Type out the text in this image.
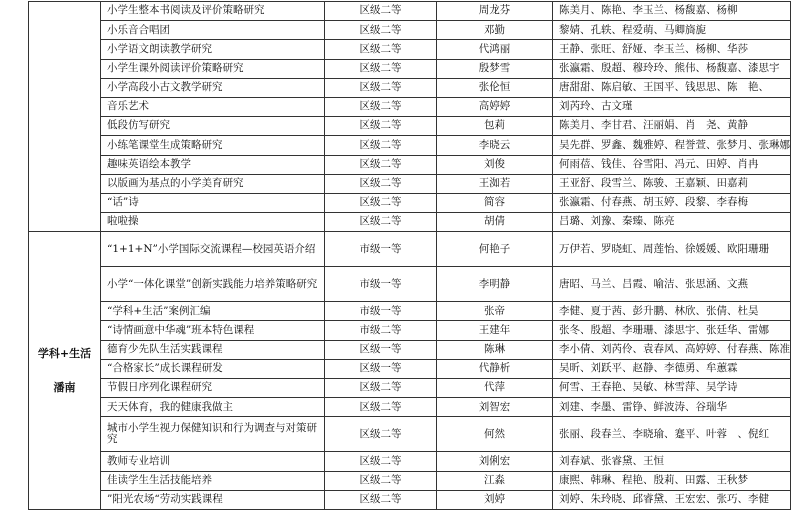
	小学生整本书阅读及评价策略研究	区级二等	周龙芬	陈美月、陈艳、李玉兰、杨馥嘉、杨柳
	小乐音合唱团	区级二等	邓勤	黎婧、孔轶、程爱萌、马卿旖旎
	小学语文朗读教学研究	区级二等	代鸿丽	王静、张旺、舒娅、李玉兰、杨柳、华莎
	小学生课外阅读评价策略研究	区级二等	殷梦雪	张瀛霜、殷超、穆玲玲、熊伟、杨馥嘉、漆思宇
	小学高段小古文教学研究	区级二等	张伦恒	唐甜甜、陈启敏、王国平、钱思思、陈　艳、
	音乐艺术	区级二等	高婷婷	刘芮玲、古文瑾
	低段仿写研究	区级二等	包莉	陈美月、李甘君、汪丽娟、肖　尧、黄静
	小练笔课堂生成策略研究	区级二等	李晓云	吴先群、罗鑫、魏雅婷、程誉萱、张梦月、张琳娜
	趣味英语绘本教学	区级二等	刘俊	何雨蓓、钱佳、谷雪阳、冯元、田婷、肖冉
	以版画为基点的小学美育研究	区级二等	王洳若	王亚舒、段雪兰、陈骏、王嘉颖、田嘉莉
	“话”诗	区级二等	简容	张瀛霜、付春燕、胡玉婷、段黎、李春梅
	啦啦操	区级二等	胡倩	吕璐、刘豫、秦臻、陈亮

学科+生活
潘南	“1+1+N”小学国际交流课程—校园英语介绍	市级一等	何艳子	万伊若、罗晓虹、周莲怡、徐媛媛、欧阳珊珊
	小学“一体化课堂”创新实践能力培养策略研究	市级一等	李明静	唐昭、马兰、吕霞、喻洁、张思涵、文燕
	“学科+生活”案例汇编	市级一等	张帝	李健、夏于茜、彭升鹏、林欣、张倩、杜昊
	“诗情画意中华魂”班本特色课程	市级二等	王建年	张冬、殷超、李珊珊、漆思宇、张廷华、雷娜
	德育少先队生活实践课程	区级一等	陈琳	李小倩、刘芮伶、袁春风、高婷婷、付春燕、陈准
	“合格家长”成长课程研发	区级一等	代静析	吴昕、刘跃平、赵静、李德勇、牟蕙霖
	节假日序列化课程研究	区级二等	代萍	何雪、王春艳、吴敏、林雪萍、吴学诗
	天天体育，我的健康我做主	区级二等	刘智宏	刘建、李墨、雷铮、鲜波涛、谷瑞华
	城市小学生视力保健知识和行为调查与对策研究	区级二等	何然	张丽、段春兰、李晓瑜、蹇平、叶蓉　、倪红
	教师专业培训	区级二等	刘俐宏	刘春斌、张睿黛、王恒
	佳读学生生活技能培养	区级二等	江淼	康熙、韩琳、程艳、殷莉、田露、王秋梦
	”阳光农场“劳动实践课程	区级二等	刘婷	刘婷、朱玲晓、邱睿黛、王宏宏、张巧、李健
